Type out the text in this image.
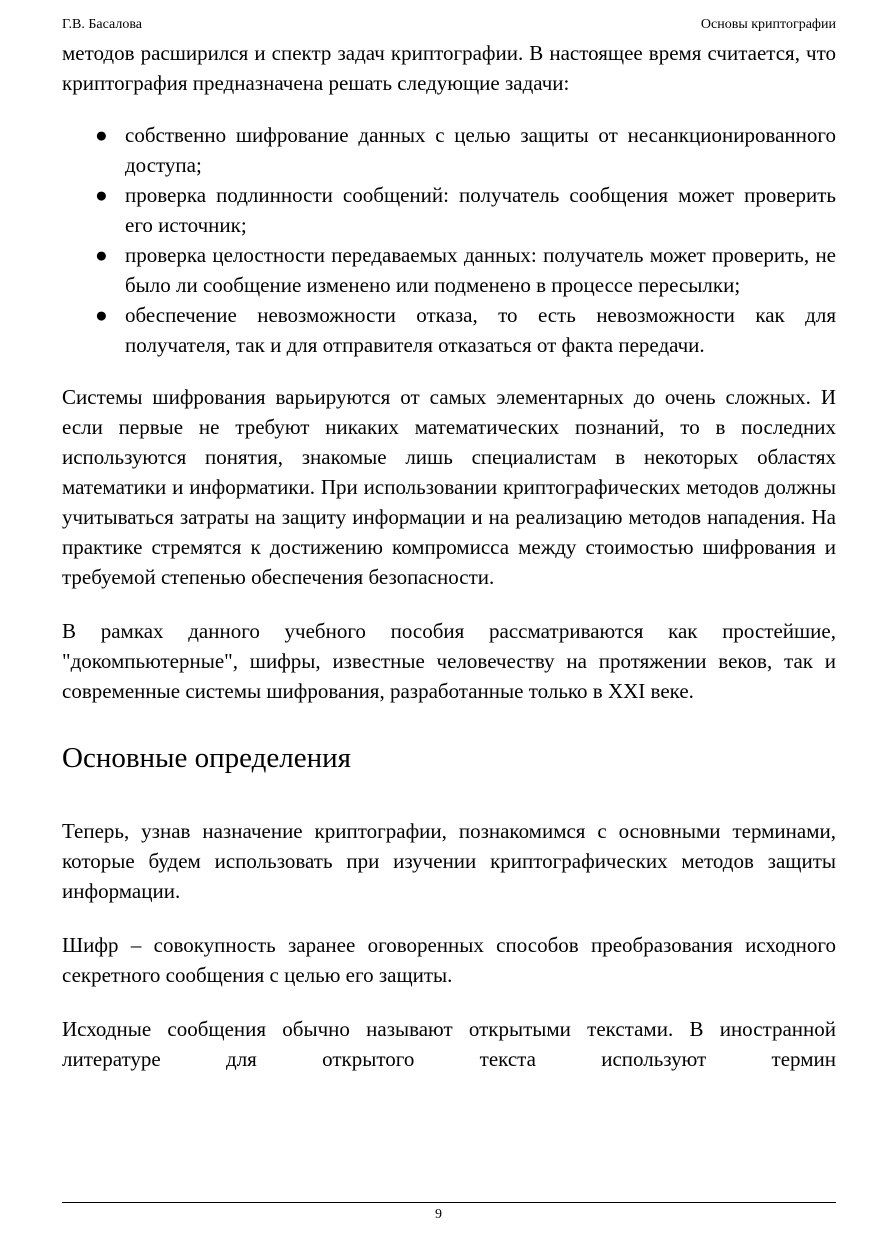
Г.В. Басалова	Основы криптографии

методов расширился и спектр задач криптографии. В настоящее время считается, что криптография предназначена решать следующие задачи:

● собственно шифрование данных с целью защиты от несанкционированного доступа;
● проверка подлинности сообщений: получатель сообщения может проверить его источник;
● проверка целостности передаваемых данных: получатель может проверить, не было ли сообщение изменено или подменено в процессе пересылки;
● обеспечение невозможности отказа, то есть невозможности как для получателя, так и для отправителя отказаться от факта передачи.

Системы шифрования варьируются от самых элементарных до очень сложных. И если первые не требуют никаких математических познаний, то в последних используются понятия, знакомые лишь специалистам в некоторых областях математики и информатики. При использовании криптографических методов должны учитываться затраты на защиту информации и на реализацию методов нападения. На практике стремятся к достижению компромисса между стоимостью шифрования и требуемой степенью обеспечения безопасности.

В рамках данного учебного пособия рассматриваются как простейшие, "докомпьютерные", шифры, известные человечеству на протяжении веков, так и современные системы шифрования, разработанные только в XXI веке.

Основные определения

Теперь, узнав назначение криптографии, познакомимся с основными терминами, которые будем использовать при изучении криптографических методов защиты информации.

Шифр – совокупность заранее оговоренных способов преобразования исходного секретного сообщения с целью его защиты.

Исходные сообщения обычно называют открытыми текстами. В иностранной литературе для открытого текста используют термин

9
